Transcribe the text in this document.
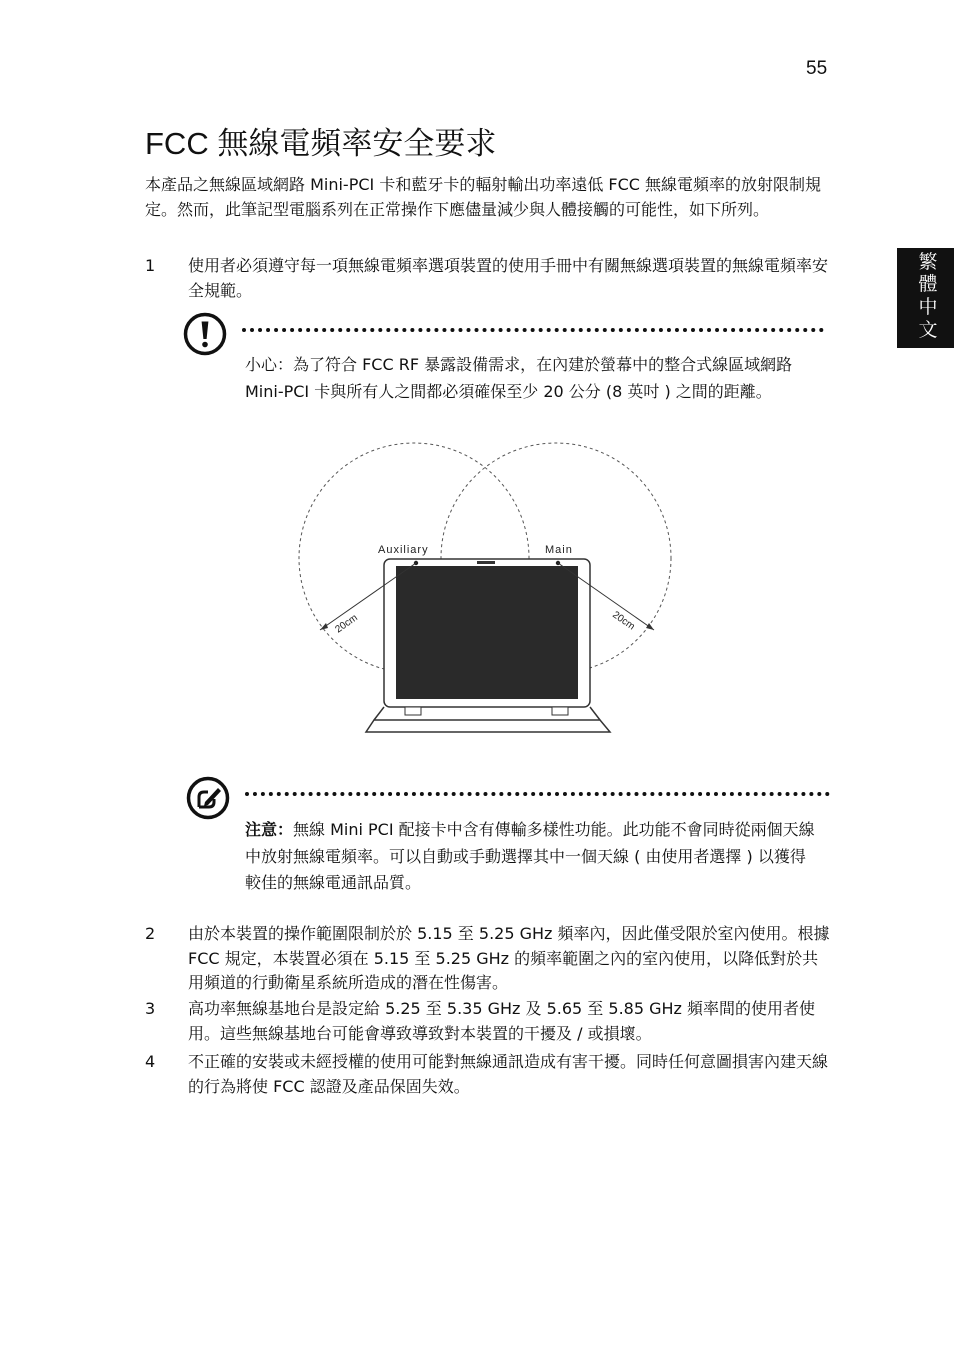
55
繁
體
中
文
FCC 無線電頻率安全要求

本產品之無線區域網路 Mini-PCI 卡和藍牙卡的輻射輸出功率遠低 FCC 無線電頻率的放射限制規定。然而，此筆記型電腦系列在正常操作下應儘量減少與人體接觸的可能性，如下所列。

1 使用者必須遵守每一項無線電頻率選項裝置的使用手冊中有關無線選項裝置的無線電頻率安全規範。

小心：為了符合 FCC RF 暴露設備需求，在內建於螢幕中的整合式線區域網路 Mini-PCI 卡與所有人之間都必須確保至少 20 公分 (8 英吋 ) 之間的距離。

Auxiliary	Main
20cm	20cm

注意：無線 Mini PCI 配接卡中含有傳輸多樣性功能。此功能不會同時從兩個天線中放射無線電頻率。可以自動或手動選擇其中一個天線 ( 由使用者選擇 ) 以獲得較佳的無線電通訊品質。

2 由於本裝置的操作範圍限制於於 5.15 至 5.25 GHz 頻率內，因此僅受限於室內使用。根據 FCC 規定，本裝置必須在 5.15 至 5.25 GHz 的頻率範圍之內的室內使用，以降低對於共用頻道的行動衛星系統所造成的潛在性傷害。

3 高功率無線基地台是設定給 5.25 至 5.35 GHz 及 5.65 至 5.85 GHz 頻率間的使用者使用。這些無線基地台可能會導致導致對本裝置的干擾及 / 或損壞。

4 不正確的安裝或未經授權的使用可能對無線通訊造成有害干擾。同時任何意圖損害內建天線的行為將使 FCC 認證及產品保固失效。
